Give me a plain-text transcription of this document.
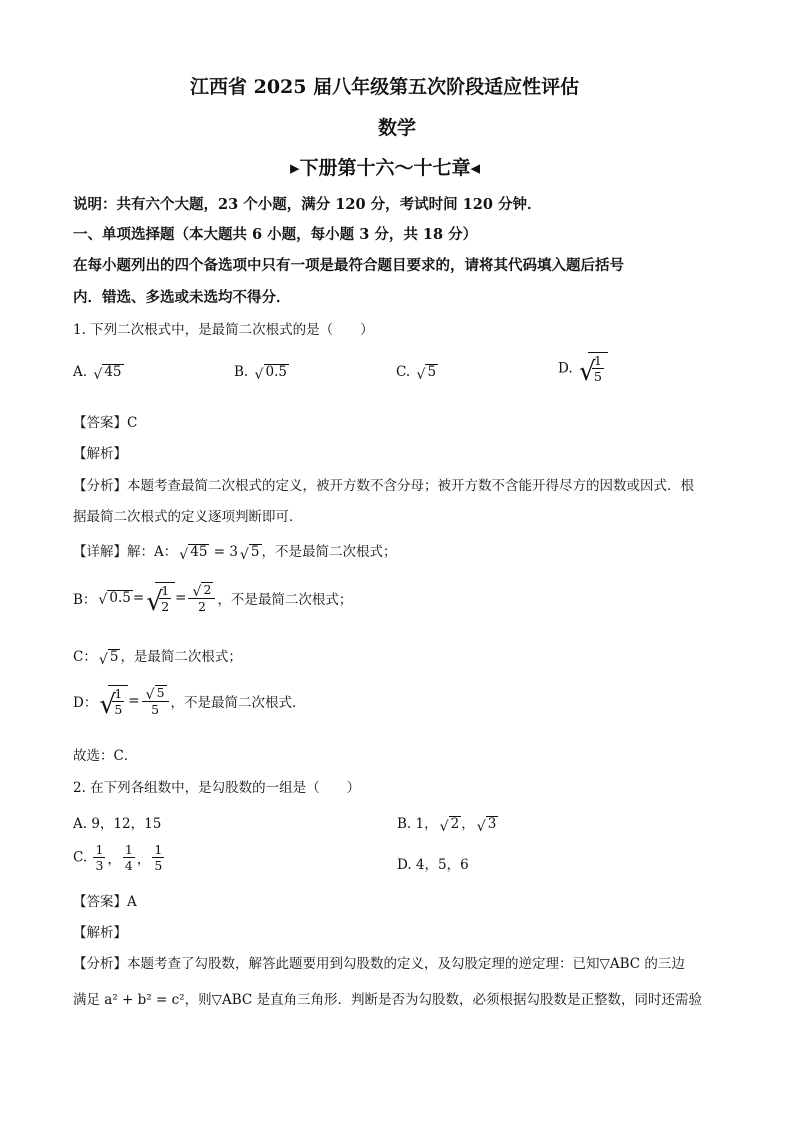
江西省 2025 届八年级第五次阶段适应性评估
数学
▸下册第十六～十七章◂
说明：共有六个大题，23 个小题，满分 120 分，考试时间 120 分钟．
一、单项选择题（本大题共 6 小题，每小题 3 分，共 18 分）
在每小题列出的四个备选项中只有一项是最符合题目要求的，请将其代码填入题后括号
内．错选、多选或未选均不得分．
1. 下列二次根式中，是最简二次根式的是（　　）
A. √ 45	B. √ 0.5	C. √ 5	D. √
$\frac{1}{5}$
【答案】C
【解析】
【分析】本题考查最简二次根式的定义，被开方数不含分母；被开方数不含能开得尽方的因数或因式．根
据最简二次根式的定义逐项判断即可．
【详解】解：A： √ 45 = 3 √ 5 ，不是最简二次根式；
B： √ 0.5 = √
$\frac{1}{2} = \frac{√ 2}{2}$ ，不是最简二次根式；
C： √ 5 ，是最简二次根式；
D： √
$\frac{1}{5} = \frac{√ 5}{5}$ ，不是最简二次根式．
故选：C．
2. 在下列各组数中，是勾股数的一组是（　　）
A. 9，12，15	B. 1， √ 2 ， √ 3
C. $\frac{1}{3}$ ， $\frac{1}{4}$ ， $\frac{1}{5}$	D. 4，5，6
【答案】A
【解析】
【分析】本题考查了勾股数，解答此题要用到勾股数的定义，及勾股定理的逆定理：已知▽ABC 的三边
满足 a² + b² = c²，则▽ABC 是直角三角形．判断是否为勾股数，必须根据勾股数是正整数，同时还需验
